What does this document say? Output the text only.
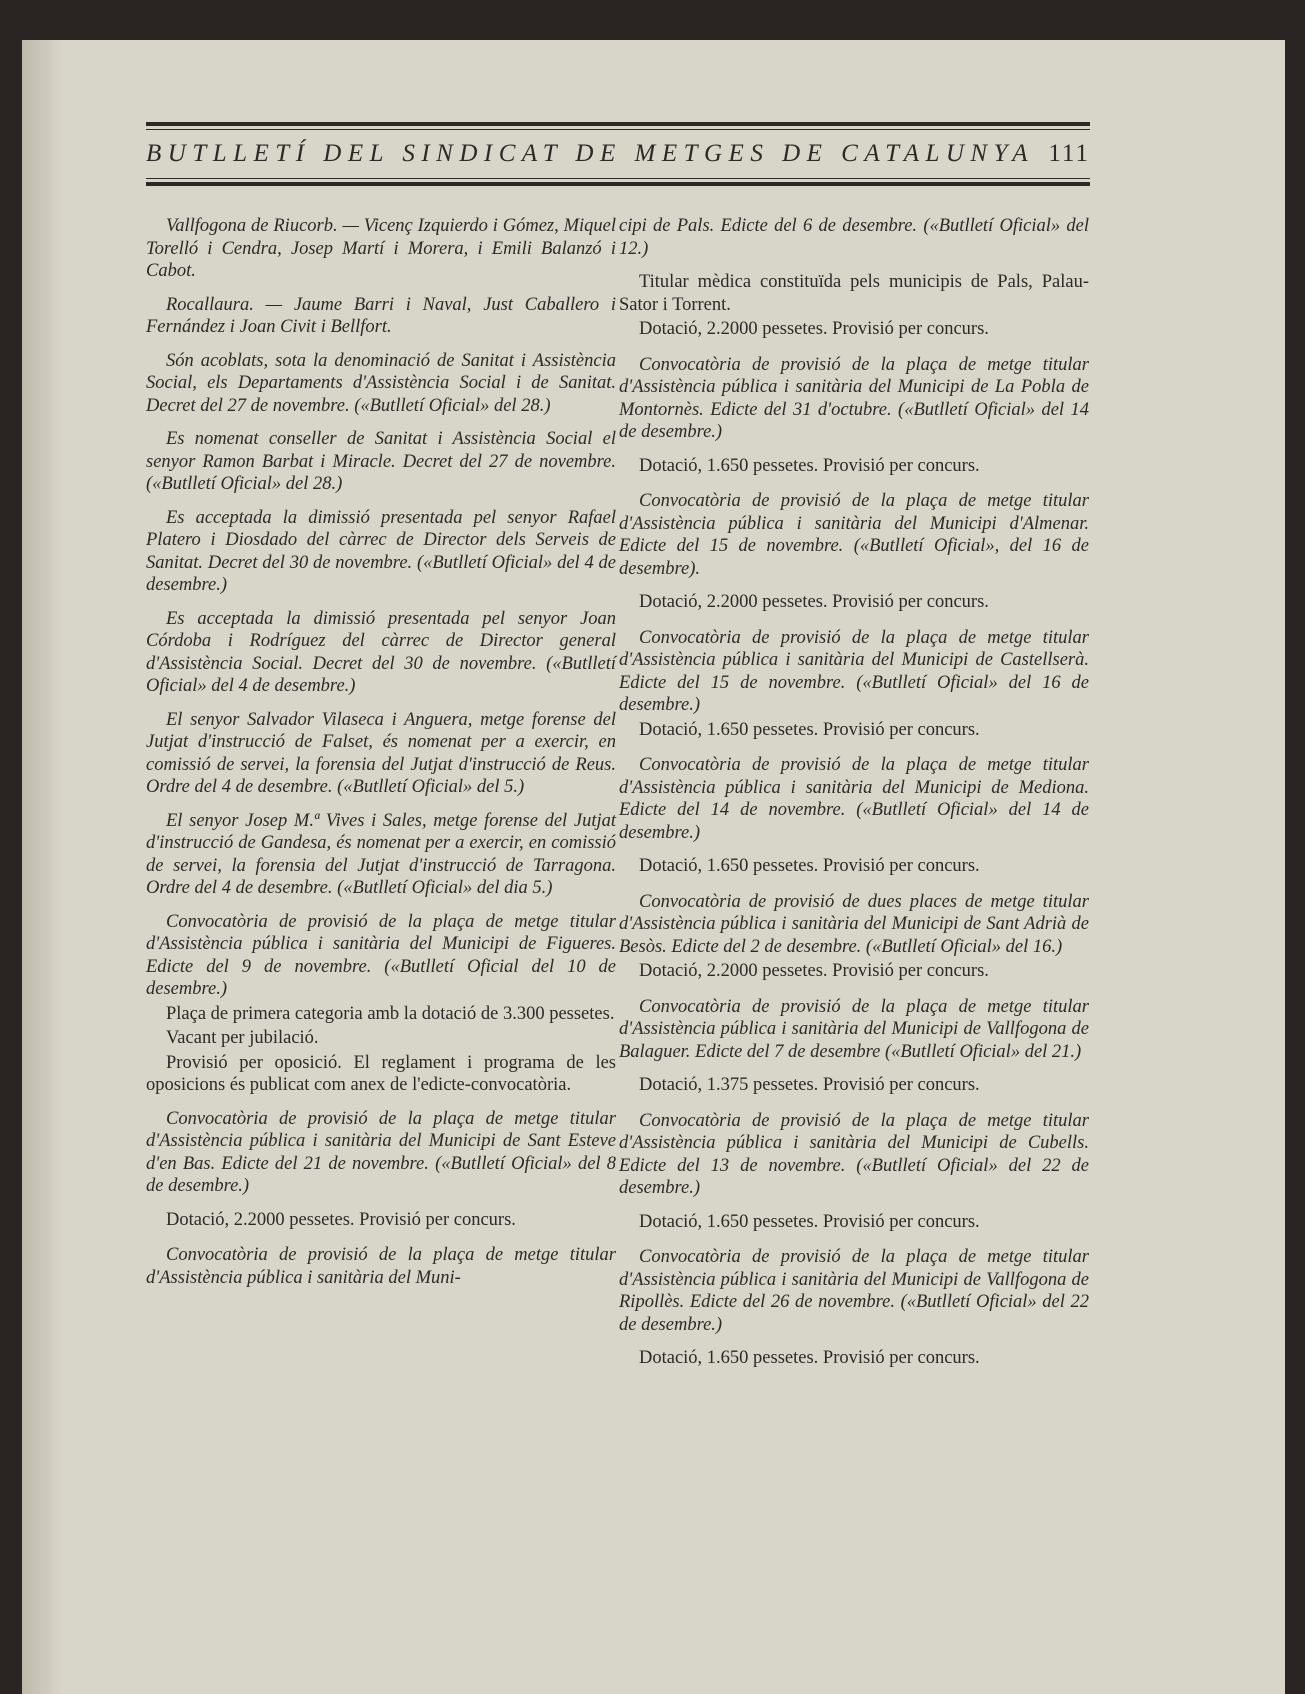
BUTLLETÍ DEL SINDICAT DE METGES DE CATALUNYA 111

Vallfogona de Riucorb. — Vicenç Izquierdo i Gómez, Miquel Torelló i Cendra, Josep Martí i Morera, i Emili Balanzó i Cabot.

Rocallaura. — Jaume Barri i Naval, Just Caballero i Fernández i Joan Civit i Bellfort.

Són acoblats, sota la denominació de Sanitat i Assistència Social, els Departaments d'Assistència Social i de Sanitat. Decret del 27 de novembre. («Butlletí Oficial» del 28.)

Es nomenat conseller de Sanitat i Assistència Social el senyor Ramon Barbat i Miracle. Decret del 27 de novembre. («Butlletí Oficial» del 28.)

Es acceptada la dimissió presentada pel senyor Rafael Platero i Diosdado del càrrec de Director dels Serveis de Sanitat. Decret del 30 de novembre. («Butlletí Oficial» del 4 de desembre.)

Es acceptada la dimissió presentada pel senyor Joan Córdoba i Rodríguez del càrrec de Director general d'Assistència Social. Decret del 30 de novembre. («Butlletí Oficial» del 4 de desembre.)

El senyor Salvador Vilaseca i Anguera, metge forense del Jutjat d'instrucció de Falset, és nomenat per a exercir, en comissió de servei, la forensia del Jutjat d'instrucció de Reus. Ordre del 4 de desembre. («Butlletí Oficial» del 5.)

El senyor Josep M.ª Vives i Sales, metge forense del Jutjat d'instrucció de Gandesa, és nomenat per a exercir, en comissió de servei, la forensia del Jutjat d'instrucció de Tarragona. Ordre del 4 de desembre. («Butlletí Oficial» del dia 5.)

Convocatòria de provisió de la plaça de metge titular d'Assistència pública i sanitària del Municipi de Figueres. Edicte del 9 de novembre. («Butlletí Oficial del 10 de desembre.)

Plaça de primera categoria amb la dotació de 3.300 pessetes.

Vacant per jubilació.

Provisió per oposició. El reglament i programa de les oposicions és publicat com anex de l'edicte-convocatòria.

Convocatòria de provisió de la plaça de metge titular d'Assistència pública i sanitària del Municipi de Sant Esteve d'en Bas. Edicte del 21 de novembre. («Butlletí Oficial» del 8 de desembre.)

Dotació, 2.2000 pessetes. Provisió per concurs.

Convocatòria de provisió de la plaça de metge titular d'Assistència pública i sanitària del Muni-

cipi de Pals. Edicte del 6 de desembre. («Butlletí Oficial» del 12.)

Titular mèdica constituïda pels municipis de Pals, Palau-Sator i Torrent.

Dotació, 2.2000 pessetes. Provisió per concurs.

Convocatòria de provisió de la plaça de metge titular d'Assistència pública i sanitària del Municipi de La Pobla de Montornès. Edicte del 31 d'octubre. («Butlletí Oficial» del 14 de desembre.)

Dotació, 1.650 pessetes. Provisió per concurs.

Convocatòria de provisió de la plaça de metge titular d'Assistència pública i sanitària del Municipi d'Almenar. Edicte del 15 de novembre. («Butlletí Oficial», del 16 de desembre).

Dotació, 2.2000 pessetes. Provisió per concurs.

Convocatòria de provisió de la plaça de metge titular d'Assistència pública i sanitària del Municipi de Castellserà. Edicte del 15 de novembre. («Butlletí Oficial» del 16 de desembre.)

Dotació, 1.650 pessetes. Provisió per concurs.

Convocatòria de provisió de la plaça de metge titular d'Assistència pública i sanitària del Municipi de Mediona. Edicte del 14 de novembre. («Butlletí Oficial» del 14 de desembre.)

Dotació, 1.650 pessetes. Provisió per concurs.

Convocatòria de provisió de dues places de metge titular d'Assistència pública i sanitària del Municipi de Sant Adrià de Besòs. Edicte del 2 de desembre. («Butlletí Oficial» del 16.)

Dotació, 2.2000 pessetes. Provisió per concurs.

Convocatòria de provisió de la plaça de metge titular d'Assistència pública i sanitària del Municipi de Vallfogona de Balaguer. Edicte del 7 de desembre («Butlletí Oficial» del 21.)

Dotació, 1.375 pessetes. Provisió per concurs.

Convocatòria de provisió de la plaça de metge titular d'Assistència pública i sanitària del Municipi de Cubells. Edicte del 13 de novembre. («Butlletí Oficial» del 22 de desembre.)

Dotació, 1.650 pessetes. Provisió per concurs.

Convocatòria de provisió de la plaça de metge titular d'Assistència pública i sanitària del Municipi de Vallfogona de Ripollès. Edicte del 26 de novembre. («Butlletí Oficial» del 22 de desembre.)

Dotació, 1.650 pessetes. Provisió per concurs.
